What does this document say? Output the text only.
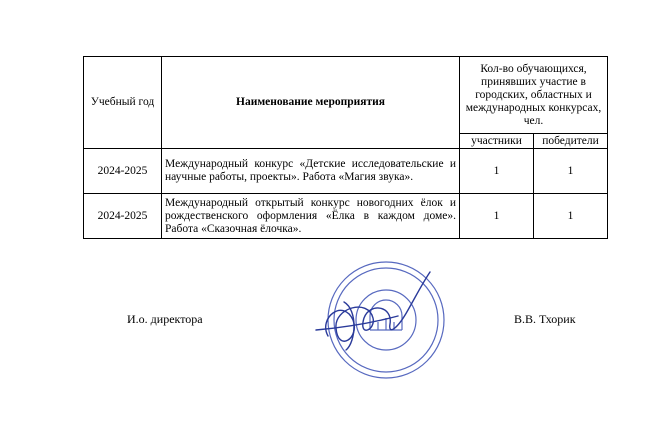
Учебный год	Наименование мероприятия	Кол-во обучающихся, принявших участие в городских, областных и международных конкурсах, чел.	
		участники	победители
2024-2025	Международный конкурс «Детские исследовательские и научные работы, проекты». Работа «Магия звука».	1	1
2024-2025	Международный открытый конкурс новогодних ёлок и рождественского оформления «Ёлка в каждом доме». Работа «Сказочная ёлочка».	1	1
И.о. директора	В.В. Тхорик
